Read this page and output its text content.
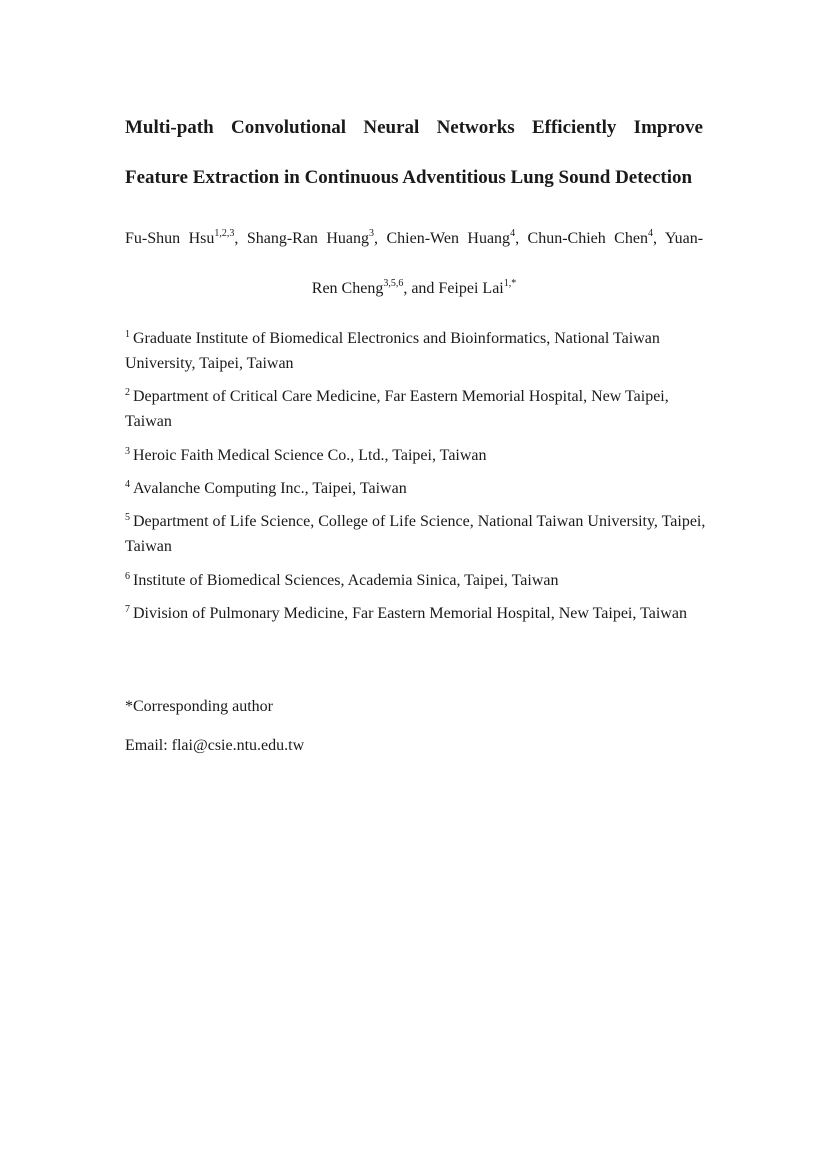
Multi-path Convolutional Neural Networks Efficiently Improve
Feature Extraction in Continuous Adventitious Lung Sound Detection
Fu-Shun Hsu$^{1,2,3}$, Shang-Ran Huang$^3$, Chien-Wen Huang$^4$, Chun-Chieh Chen$^4$, Yuan-
Ren Cheng$^{3,5,6}$, and Feipei Lai$^{1,*}$
$^1$ Graduate Institute of Biomedical Electronics and Bioinformatics, National Taiwan University, Taipei, Taiwan
$^2$ Department of Critical Care Medicine, Far Eastern Memorial Hospital, New Taipei, Taiwan
$^3$ Heroic Faith Medical Science Co., Ltd., Taipei, Taiwan
$^4$ Avalanche Computing Inc., Taipei, Taiwan
$^5$ Department of Life Science, College of Life Science, National Taiwan University, Taipei, Taiwan
$^6$ Institute of Biomedical Sciences, Academia Sinica, Taipei, Taiwan
$^7$ Division of Pulmonary Medicine, Far Eastern Memorial Hospital, New Taipei, Taiwan
*Corresponding author
Email: flai@csie.ntu.edu.tw
